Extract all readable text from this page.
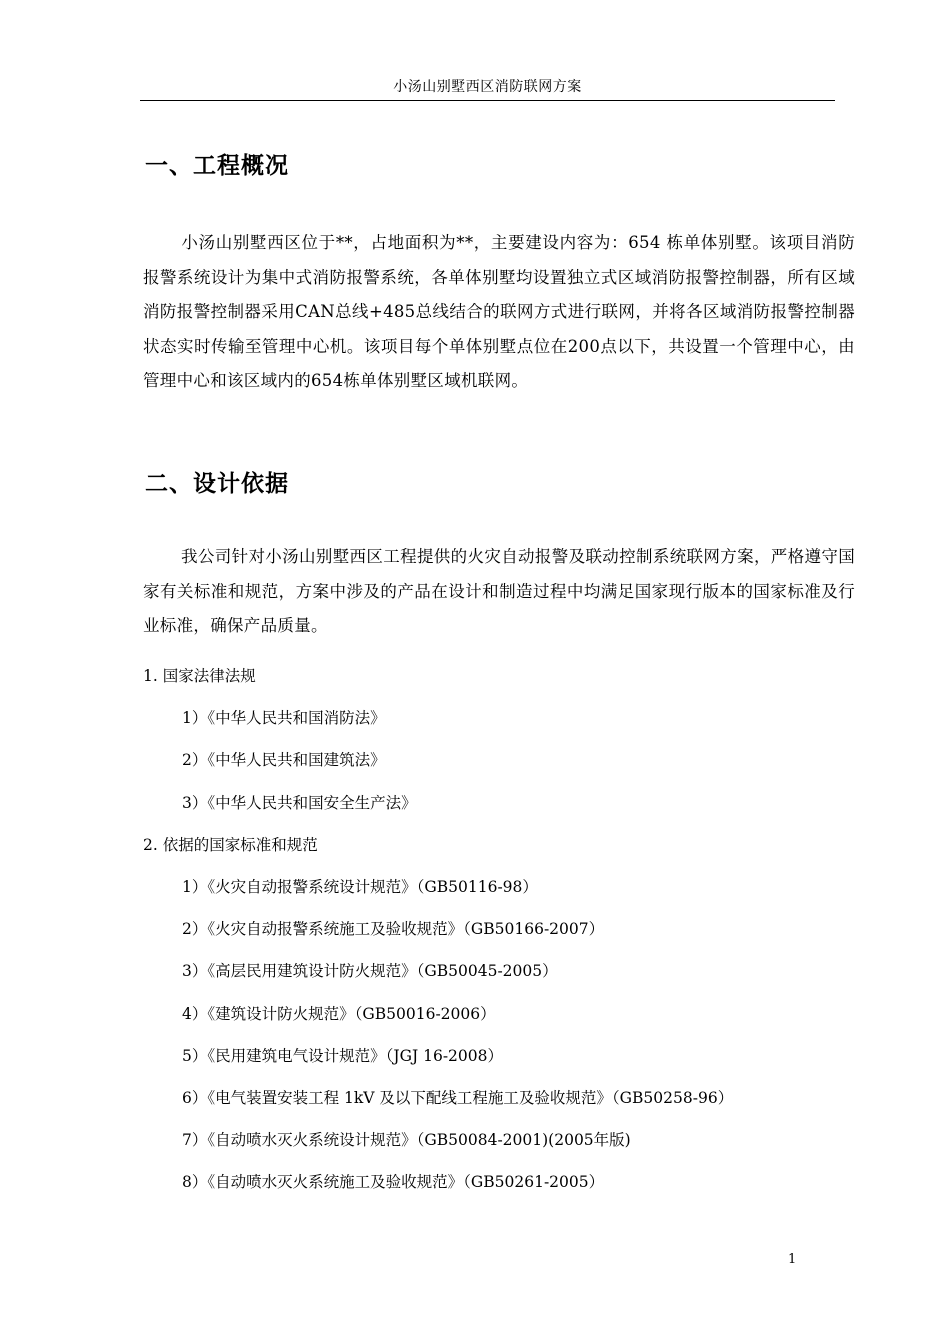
小汤山别墅西区消防联网方案
一、工程概况
小汤山别墅西区位于**，占地面积为**，主要建设内容为：654 栋单体别墅。该项目消防报警系统设计为集中式消防报警系统，各单体别墅均设置独立式区域消防报警控制器，所有区域消防报警控制器采用CAN总线+485总线结合的联网方式进行联网，并将各区域消防报警控制器状态实时传输至管理中心机。该项目每个单体别墅点位在200点以下，共设置一个管理中心，由管理中心和该区域内的654栋单体别墅区域机联网。
二、设计依据
我公司针对小汤山别墅西区工程提供的火灾自动报警及联动控制系统联网方案，严格遵守国家有关标准和规范，方案中涉及的产品在设计和制造过程中均满足国家现行版本的国家标准及行业标准，确保产品质量。
1. 国家法律法规
1）《中华人民共和国消防法》
2）《中华人民共和国建筑法》
3）《中华人民共和国安全生产法》
2. 依据的国家标准和规范
1）《火灾自动报警系统设计规范》（GB50116-98）
2）《火灾自动报警系统施工及验收规范》（GB50166-2007）
3）《高层民用建筑设计防火规范》（GB50045-2005）
4）《建筑设计防火规范》（GB50016-2006）
5）《民用建筑电气设计规范》（JGJ 16-2008）
6）《电气装置安装工程 1kV 及以下配线工程施工及验收规范》（GB50258-96）
7）《自动喷水灭火系统设计规范》（GB50084-2001)(2005年版)
8）《自动喷水灭火系统施工及验收规范》（GB50261-2005）
1
